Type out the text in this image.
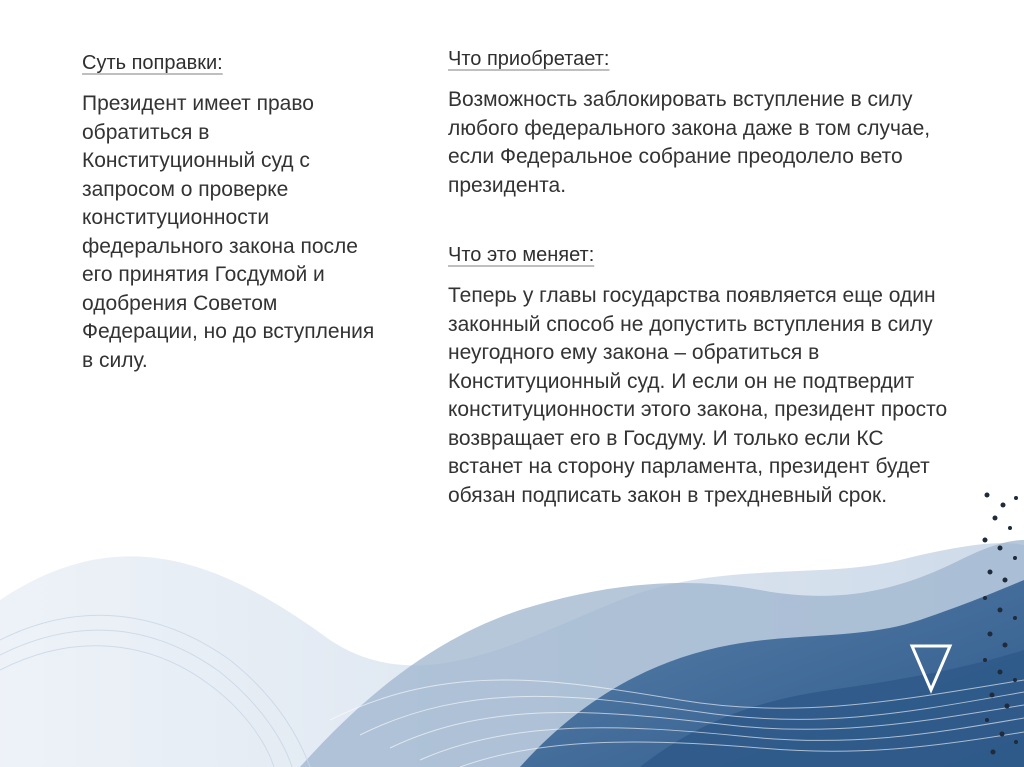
Суть поправки:

Президент имеет право обратиться в Конституционный суд с запросом о проверке конституционности федерального закона после его принятия Госдумой и одобрения Советом Федерации, но до вступления в силу.

Что приобретает:

Возможность заблокировать вступление в силу любого федерального закона даже в том случае, если Федеральное собрание преодолело вето президента.

Что это меняет:

Теперь у главы государства появляется еще один законный способ не допустить вступления в силу неугодного ему закона – обратиться в Конституционный суд. И если он не подтвердит конституционности этого закона, президент просто возвращает его в Госдуму. И только если КС встанет на сторону парламента, президент будет обязан подписать закон в трехдневный срок.
